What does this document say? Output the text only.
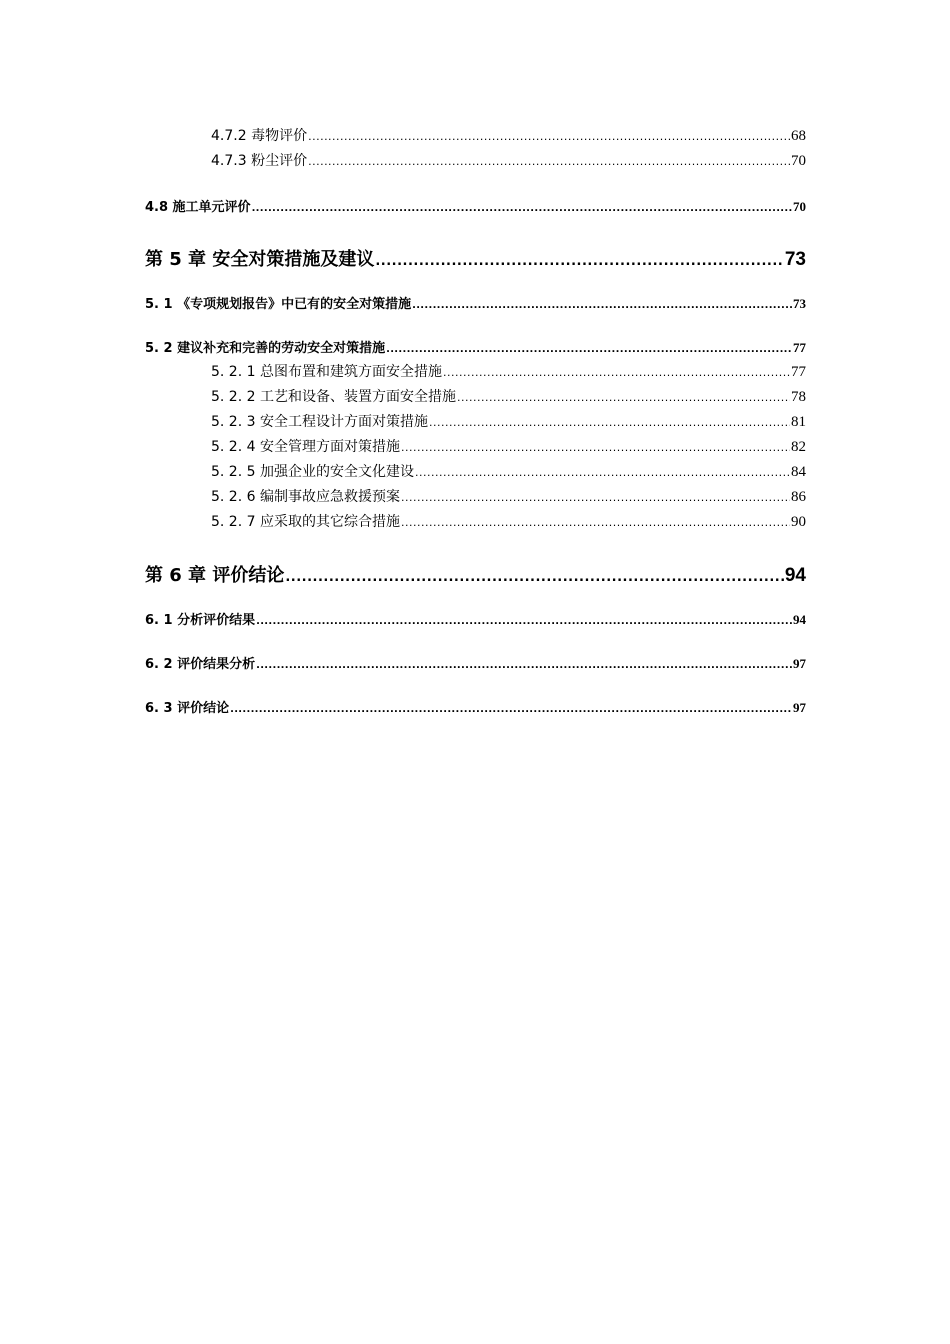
4.7.2 毒物评价 .....	68
4.7.3 粉尘评价 .....	70
4.8 施工单元评价 .....	70
第 5 章 安全对策措施及建议 .....	73
5. 1 《专项规划报告》中已有的安全对策措施 .....	73
5. 2 建议补充和完善的劳动安全对策措施 .....	77
5. 2. 1 总图布置和建筑方面安全措施 .....	77
5. 2. 2 工艺和设备、装置方面安全措施 .....	78
5. 2. 3 安全工程设计方面对策措施 .....	81
5. 2. 4 安全管理方面对策措施 .....	82
5. 2. 5 加强企业的安全文化建设 .....	84
5. 2. 6 编制事故应急救援预案 .....	86
5. 2. 7 应采取的其它综合措施 .....	90
第 6 章 评价结论 .....	94
6. 1 分析评价结果 .....	94
6. 2 评价结果分析 .....	97
6. 3 评价结论 .....	97
